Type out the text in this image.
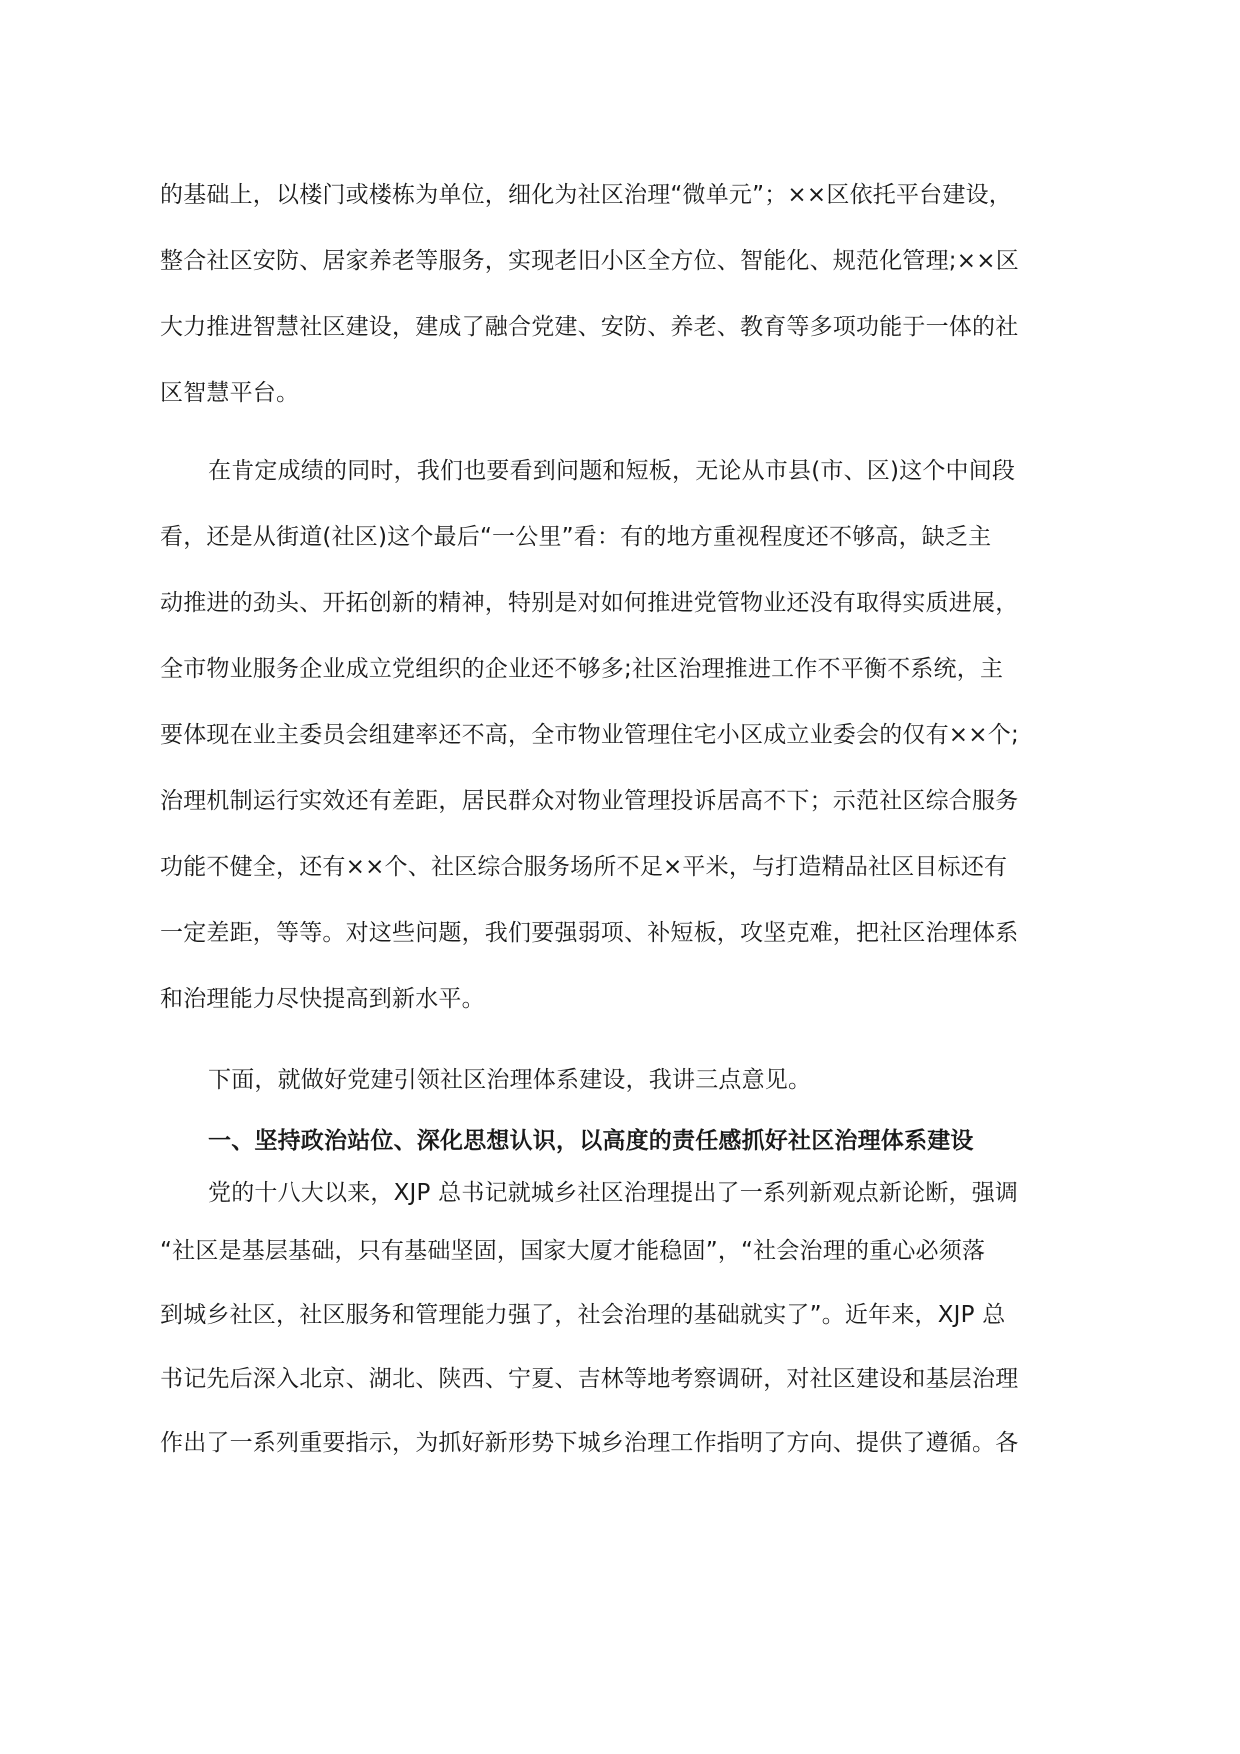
的基础上，以楼门或楼栋为单位，细化为社区治理“微单元”；××区依托平台建设，
整合社区安防、居家养老等服务，实现老旧小区全方位、智能化、规范化管理;××区
大力推进智慧社区建设，建成了融合党建、安防、养老、教育等多项功能于一体的社
区智慧平台。
在肯定成绩的同时，我们也要看到问题和短板，无论从市县(市、区)这个中间段
看，还是从街道(社区)这个最后“一公里”看：有的地方重视程度还不够高，缺乏主
动推进的劲头、开拓创新的精神，特别是对如何推进党管物业还没有取得实质进展，
全市物业服务企业成立党组织的企业还不够多;社区治理推进工作不平衡不系统，主
要体现在业主委员会组建率还不高，全市物业管理住宅小区成立业委会的仅有××个;
治理机制运行实效还有差距，居民群众对物业管理投诉居高不下；示范社区综合服务
功能不健全，还有××个、社区综合服务场所不足×平米，与打造精品社区目标还有
一定差距，等等。对这些问题，我们要强弱项、补短板，攻坚克难，把社区治理体系
和治理能力尽快提高到新水平。
下面，就做好党建引领社区治理体系建设，我讲三点意见。
一、坚持政治站位、深化思想认识，以高度的责任感抓好社区治理体系建设
党的十八大以来，XJP 总书记就城乡社区治理提出了一系列新观点新论断，强调
“社区是基层基础，只有基础坚固，国家大厦才能稳固”，“社会治理的重心必须落
到城乡社区，社区服务和管理能力强了，社会治理的基础就实了”。近年来，XJP 总
书记先后深入北京、湖北、陕西、宁夏、吉林等地考察调研，对社区建设和基层治理
作出了一系列重要指示，为抓好新形势下城乡治理工作指明了方向、提供了遵循。各
